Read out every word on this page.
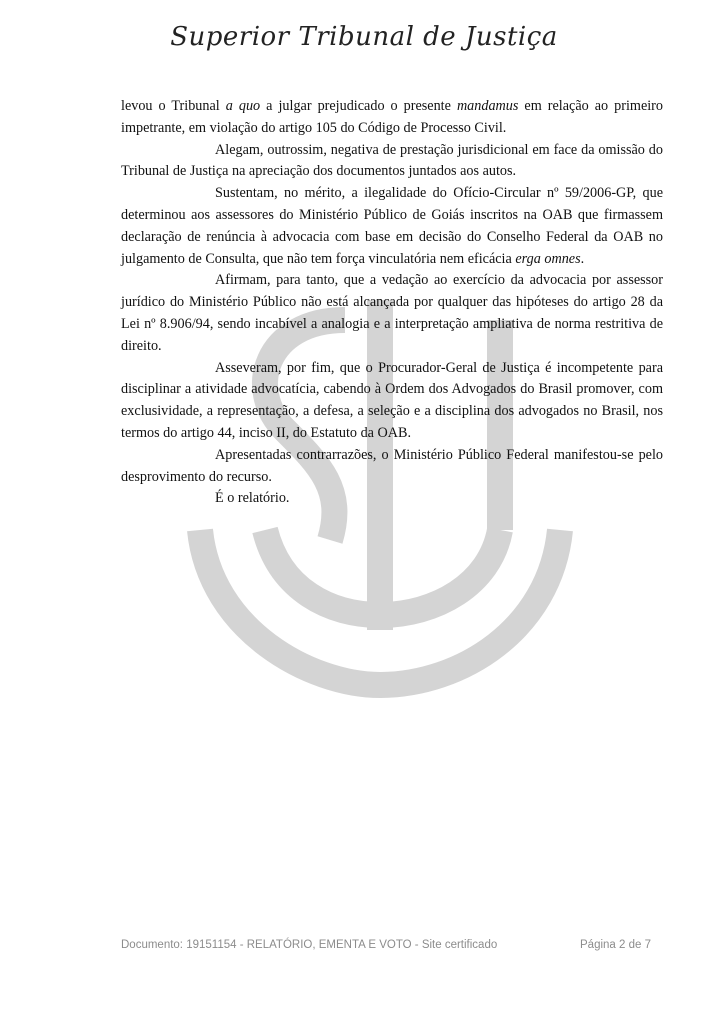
Superior Tribunal de Justiça

levou o Tribunal a quo a julgar prejudicado o presente mandamus em relação ao primeiro impetrante, em violação do artigo 105 do Código de Processo Civil.

Alegam, outrossim, negativa de prestação jurisdicional em face da omissão do Tribunal de Justiça na apreciação dos documentos juntados aos autos.

Sustentam, no mérito, a ilegalidade do Ofício-Circular nº 59/2006-GP, que determinou aos assessores do Ministério Público de Goiás inscritos na OAB que firmassem declaração de renúncia à advocacia com base em decisão do Conselho Federal da OAB no julgamento de Consulta, que não tem força vinculatória nem eficácia erga omnes.

Afirmam, para tanto, que a vedação ao exercício da advocacia por assessor jurídico do Ministério Público não está alcançada por qualquer das hipóteses do artigo 28 da Lei nº 8.906/94, sendo incabível a analogia e a interpretação ampliativa de norma restritiva de direito.

Asseveram, por fim, que o Procurador-Geral de Justiça é incompetente para disciplinar a atividade advocatícia, cabendo à Ordem dos Advogados do Brasil promover, com exclusividade, a representação, a defesa, a seleção e a disciplina dos advogados no Brasil, nos termos do artigo 44, inciso II, do Estatuto da OAB.

Apresentadas contrarrazões, o Ministério Público Federal manifestou-se pelo desprovimento do recurso.

É o relatório.

Documento: 19151154 - RELATÓRIO, EMENTA E VOTO - Site certificado	Página 2 de 7
